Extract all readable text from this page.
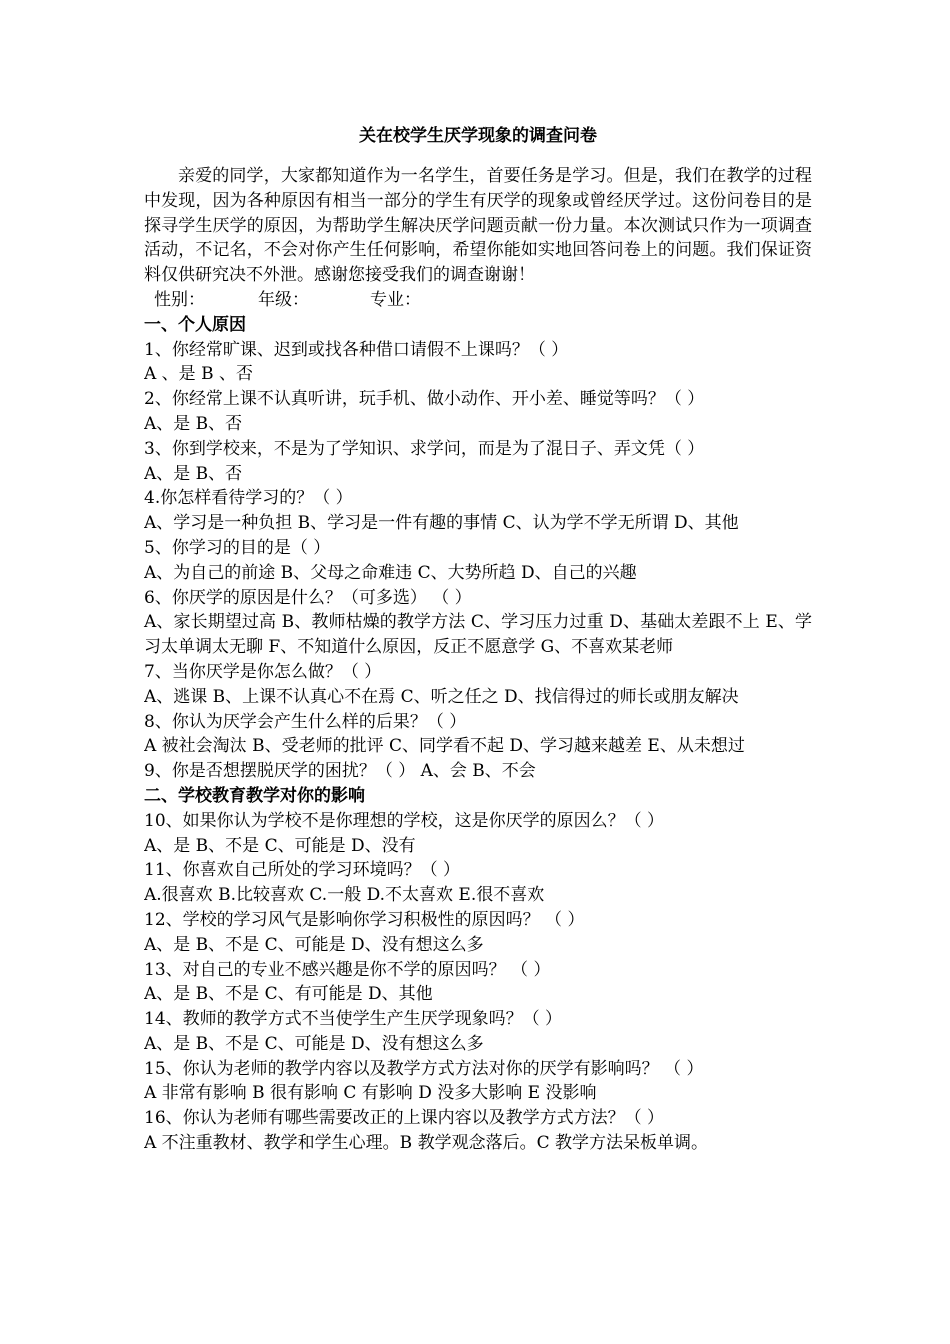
关在校学生厌学现象的调查问卷

亲爱的同学，大家都知道作为一名学生，首要任务是学习。但是，我们在教学的过程中发现，因为各种原因有相当一部分的学生有厌学的现象或曾经厌学过。这份问卷目的是探寻学生厌学的原因，为帮助学生解决厌学问题贡献一份力量。本次测试只作为一项调查活动，不记名，不会对你产生任何影响，希望你能如实地回答问卷上的问题。我们保证资料仅供研究决不外泄。感谢您接受我们的调查谢谢！

性别：	年级：	专业：
一、个人原因
1、你经常旷课、迟到或找各种借口请假不上课吗？（ ）
A 、是 B 、否
2、你经常上课不认真听讲，玩手机、做小动作、开小差、睡觉等吗？（ ）
A、是 B、否
3、你到学校来，不是为了学知识、求学问，而是为了混日子、弄文凭（ ）
A、是 B、否
4.你怎样看待学习的？（ ）
A、学习是一种负担 B、学习是一件有趣的事情 C、认为学不学无所谓 D、其他
5、你学习的目的是（ ）
A、为自己的前途 B、父母之命难违 C、大势所趋 D、自己的兴趣
6、你厌学的原因是什么？（可多选） （ ）
A、家长期望过高 B、教师枯燥的教学方法 C、学习压力过重 D、基础太差跟不上 E、学习太单调太无聊 F、不知道什么原因，反正不愿意学 G、不喜欢某老师
7、当你厌学是你怎么做？（ ）
A、逃课 B、上课不认真心不在焉 C、听之任之 D、找信得过的师长或朋友解决
8、你认为厌学会产生什么样的后果？（ ）
A 被社会淘汰 B、受老师的批评 C、同学看不起 D、学习越来越差 E、从未想过
9、你是否想摆脱厌学的困扰？（ ） A、会 B、不会
二、学校教育教学对你的影响
10、如果你认为学校不是你理想的学校，这是你厌学的原因么？（ ）
A、是 B、不是 C、可能是 D、没有
11、你喜欢自己所处的学习环境吗？（ ）
A.很喜欢 B.比较喜欢 C.一般 D.不太喜欢 E.很不喜欢
12、学校的学习风气是影响你学习积极性的原因吗？ （ ）
A、是 B、不是 C、可能是 D、没有想这么多
13、对自己的专业不感兴趣是你不学的原因吗？ （ ）
A、是 B、不是 C、有可能是 D、其他
14、教师的教学方式不当使学生产生厌学现象吗？（ ）
A、是 B、不是 C、可能是 D、没有想这么多
15、你认为老师的教学内容以及教学方式方法对你的厌学有影响吗？ （ ）
A 非常有影响 B 很有影响 C 有影响 D 没多大影响 E 没影响
16、你认为老师有哪些需要改正的上课内容以及教学方式方法？（ ）
A 不注重教材、教学和学生心理。B 教学观念落后。C 教学方法呆板单调。
